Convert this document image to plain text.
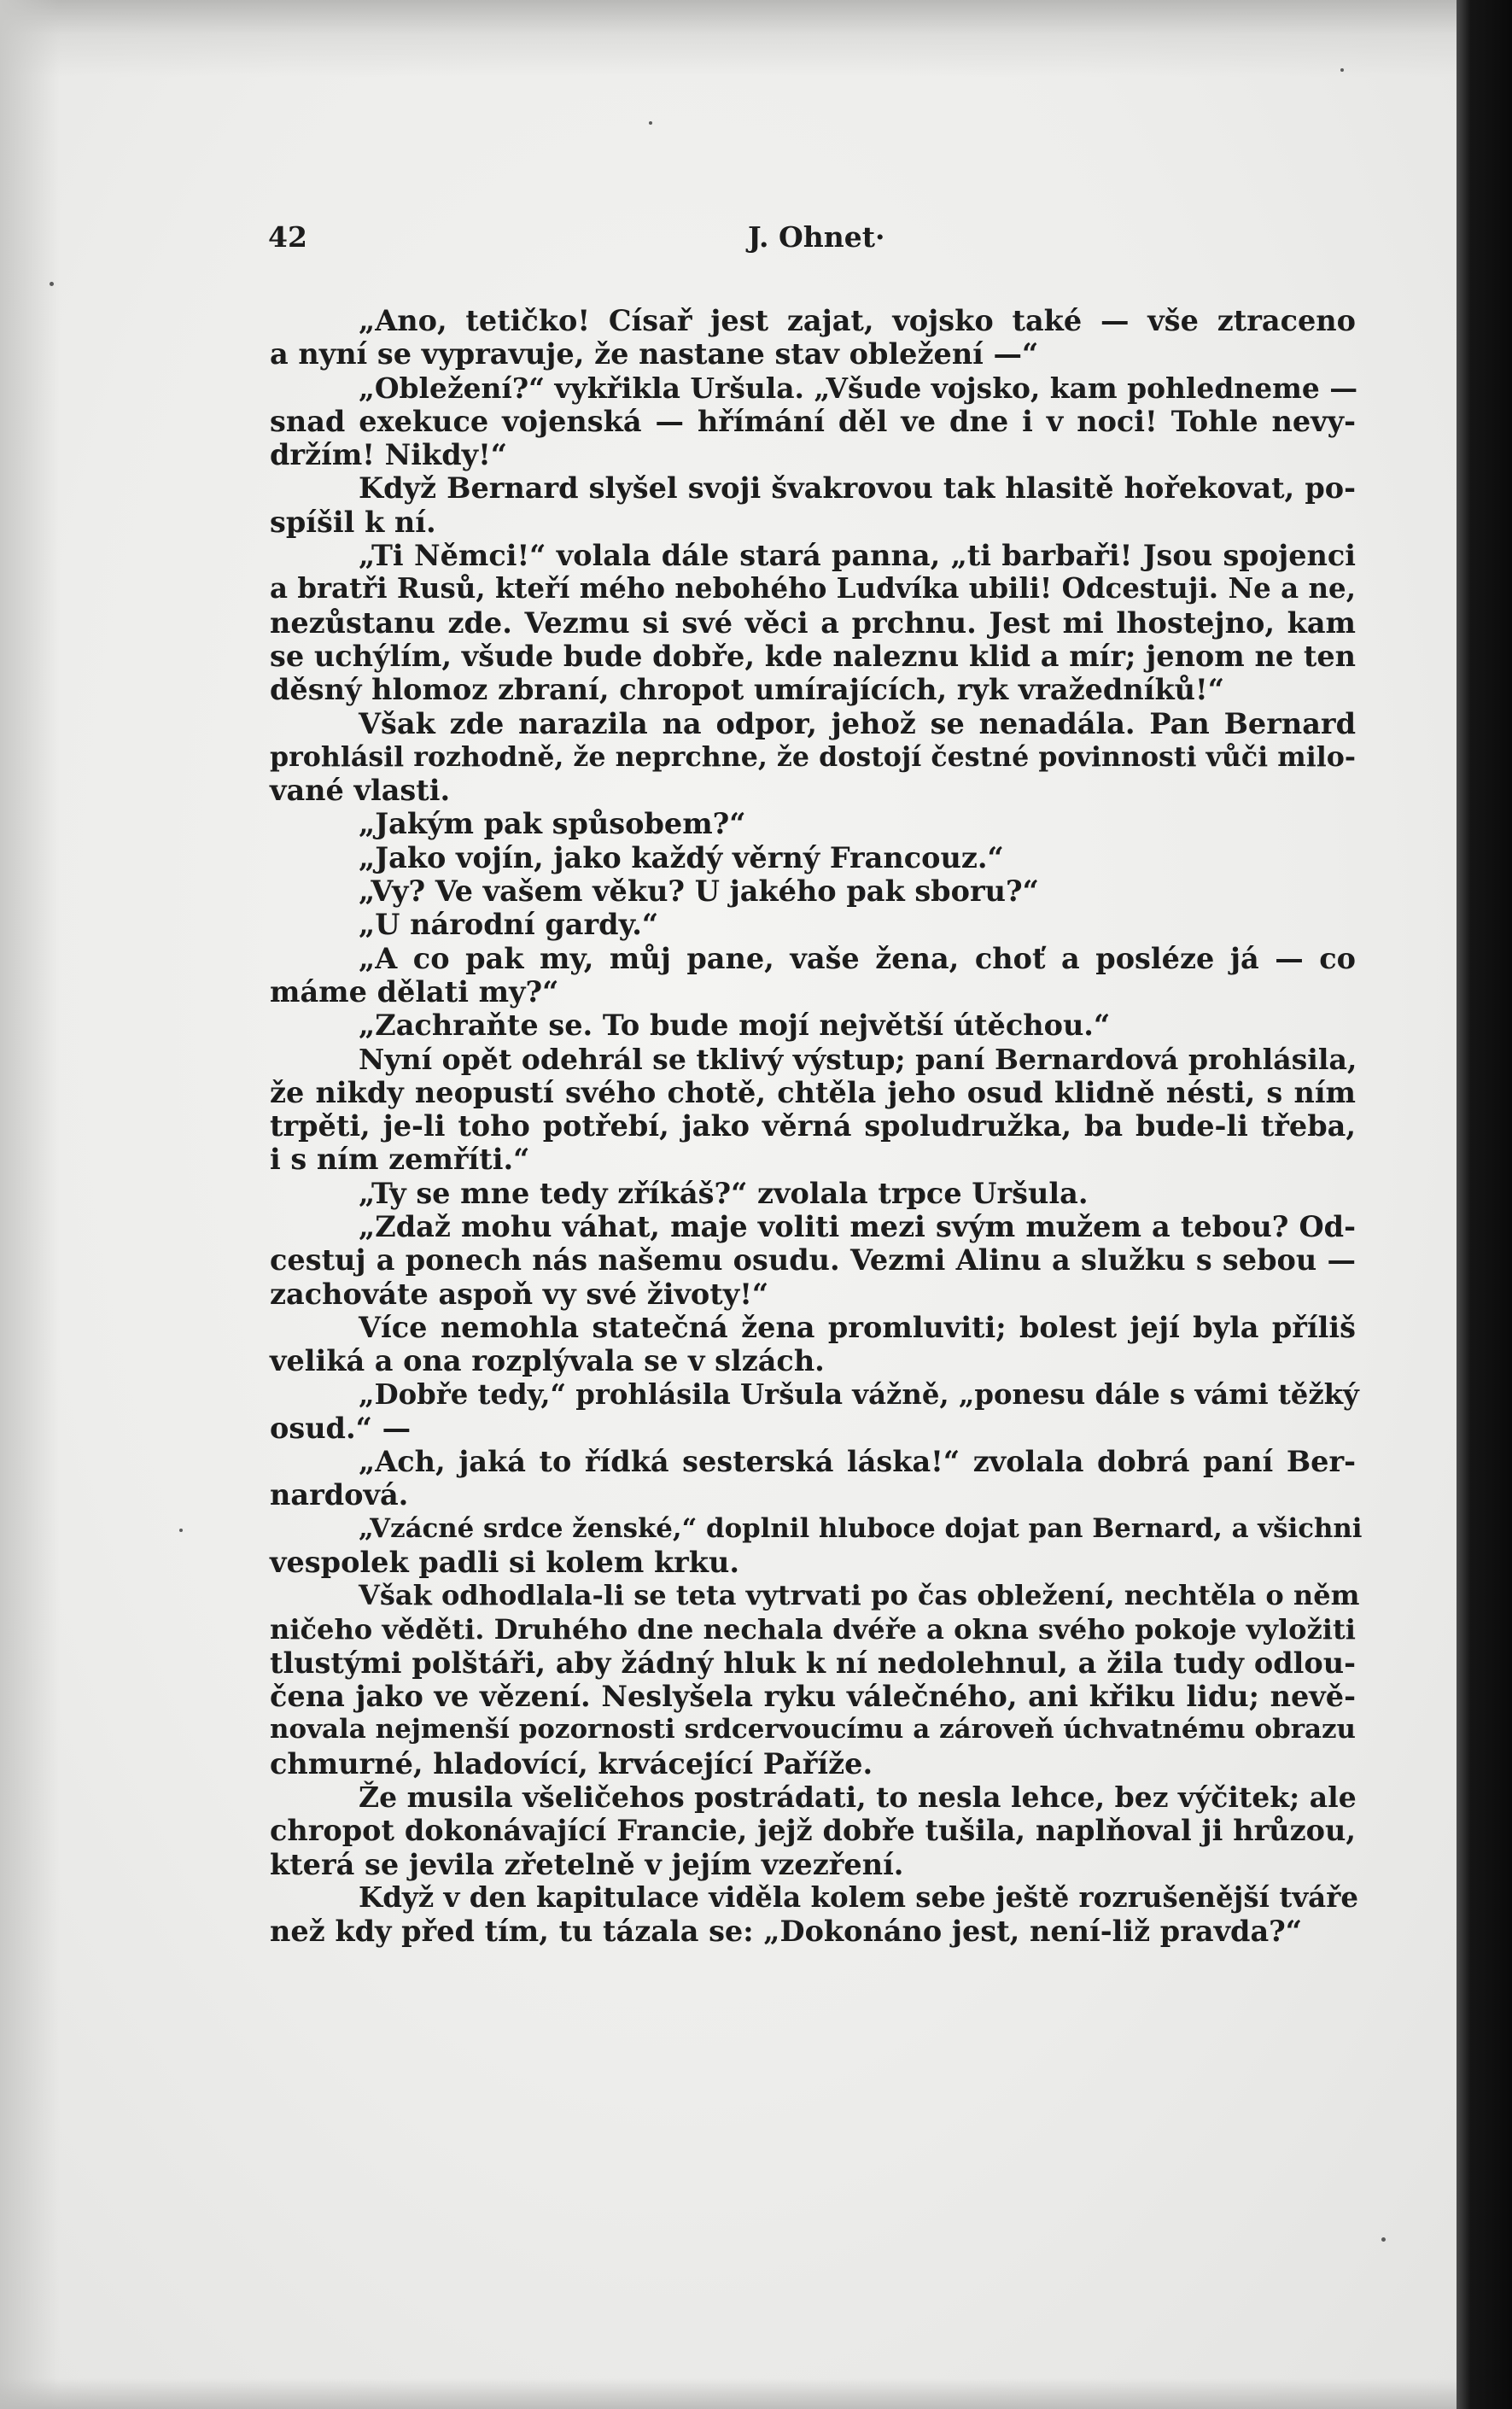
42	J. Ohnet·
„Ano, tetičko! Císař jest zajat, vojsko také — vše ztraceno
a nyní se vypravuje, že nastane stav obležení —“
„Obležení?“ vykřikla Uršula. „Všude vojsko, kam pohledneme —
snad exekuce vojenská — hřímání děl ve dne i v noci! Tohle nevy-
držím! Nikdy!“
Když Bernard slyšel svoji švakrovou tak hlasitě hořekovat, po-
spíšil k ní.
„Ti Němci!“ volala dále stará panna, „ti barbaři! Jsou spojenci
a bratři Rusů, kteří mého nebohého Ludvíka ubili! Odcestuji. Ne a ne,
nezůstanu zde. Vezmu si své věci a prchnu. Jest mi lhostejno, kam
se uchýlím, všude bude dobře, kde naleznu klid a mír; jenom ne ten
děsný hlomoz zbraní, chropot umírajících, ryk vražedníků!“
Však zde narazila na odpor, jehož se nenadála. Pan Bernard
prohlásil rozhodně, že neprchne, že dostojí čestné povinnosti vůči milo-
vané vlasti.
„Jakým pak spůsobem?“
„Jako vojín, jako každý věrný Francouz.“
„Vy? Ve vašem věku? U jakého pak sboru?“
„U národní gardy.“
„A co pak my, můj pane, vaše žena, choť a posléze já — co
máme dělati my?“
„Zachraňte se. To bude mojí největší útěchou.“
Nyní opět odehrál se tklivý výstup; paní Bernardová prohlásila,
že nikdy neopustí svého chotě, chtěla jeho osud klidně nésti, s ním
trpěti, je-li toho potřebí, jako věrná spoludružka, ba bude-li třeba,
i s ním zemříti.“
„Ty se mne tedy zříkáš?“ zvolala trpce Uršula.
„Zdaž mohu váhat, maje voliti mezi svým mužem a tebou? Od-
cestuj a ponech nás našemu osudu. Vezmi Alinu a služku s sebou —
zachováte aspoň vy své životy!“
Více nemohla statečná žena promluviti; bolest její byla příliš
veliká a ona rozplývala se v slzách.
„Dobře tedy,“ prohlásila Uršula vážně, „ponesu dále s vámi těžký
osud.“ —
„Ach, jaká to řídká sesterská láska!“ zvolala dobrá paní Ber-
nardová.
„Vzácné srdce ženské,“ doplnil hluboce dojat pan Bernard, a všichni
vespolek padli si kolem krku.
Však odhodlala-li se teta vytrvati po čas obležení, nechtěla o něm
ničeho věděti. Druhého dne nechala dvéře a okna svého pokoje vyložiti
tlustými polštáři, aby žádný hluk k ní nedolehnul, a žila tudy odlou-
čena jako ve vězení. Neslyšela ryku válečného, ani křiku lidu; nevě-
novala nejmenší pozornosti srdcervoucímu a zároveň úchvatnému obrazu
chmurné, hladovící, krvácející Paříže.
Že musila všeličehos postrádati, to nesla lehce, bez výčitek; ale
chropot dokonávající Francie, jejž dobře tušila, naplňoval ji hrůzou,
která se jevila zřetelně v jejím vzezření.
Když v den kapitulace viděla kolem sebe ještě rozrušenější tváře
než kdy před tím, tu tázala se: „Dokonáno jest, není-liž pravda?“
